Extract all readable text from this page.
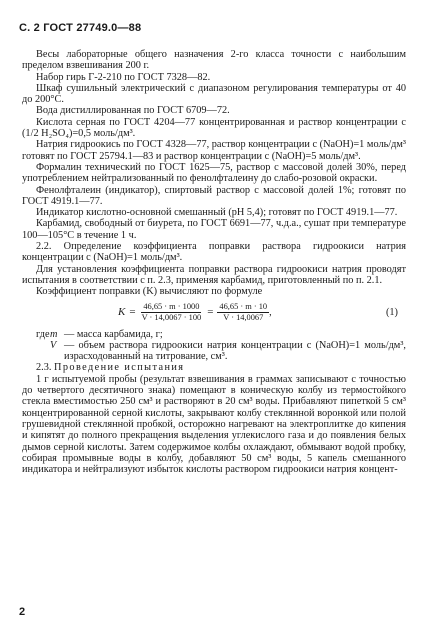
С. 2 ГОСТ 27749.0—88

Весы лабораторные общего назначения 2-го класса точности с наибольшим пределом взвешивания 200 г.

Набор гирь Г-2-210 по ГОСТ 7328—82.

Шкаф сушильный электрический с диапазоном регулирования температуры от 40 до 200°C.

Вода дистиллированная по ГОСТ 6709—72.

Кислота серная по ГОСТ 4204—77 концентрированная и раствор концентрации с (1/2 H₂SO₄)=0,5 моль/дм³.

Натрия гидроокись по ГОСТ 4328—77, раствор концентрации с (NaOH)=1 моль/дм³ готовят по ГОСТ 25794.1—83 и раствор концентрации с (NaOH)=5 моль/дм³.

Формалин технический по ГОСТ 1625—75, раствор с массовой долей 30%, перед употреблением нейтрализованный по фенолфталеину до слабо-розовой окраски.

Фенолфталеин (индикатор), спиртовый раствор с массовой долей 1%; готовят по ГОСТ 4919.1—77.

Индикатор кислотно-основной смешанный (рН 5,4); готовят по ГОСТ 4919.1—77.

Карбамид, свободный от биурета, по ГОСТ 6691—77, ч.д.а., сушат при температуре 100—105°C в течение 1 ч.

2.2. Определение коэффициента поправки раствора гидроокиси натрия концентрации с (NaOH)=1 моль/дм³.

Для установления коэффициента поправки раствора гидроокиси натрия проводят испытания в соответствии с п. 2.3, применяя карбамид, приготовленный по п. 2.1.

Коэффициент поправки (K) вычисляют по формуле

$K = \frac{46,65 \cdot m \cdot 1000}{V \cdot 14,0067 \cdot 100} = \frac{46,65 \cdot m \cdot 10}{V \cdot 14,0067}$ ,	(1)
где m — масса карбамида, г;
V — объем раствора гидроокиси натрия концентрации с (NaOH)=1 моль/дм³, израсходованный на титрование, см³.

2.3. Проведение испытания

1 г испытуемой пробы (результат взвешивания в граммах записывают с точностью до четвертого десятичного знака) помещают в коническую колбу из термостойкого стекла вместимостью 250 см³ и растворяют в 20 см³ воды. Прибавляют пипеткой 5 см³ концентрированной серной кислоты, закрывают колбу стеклянной воронкой или полой грушевидной стеклянной пробкой, осторожно нагревают на электроплитке до кипения и кипятят до полного прекращения выделения углекислого газа и до появления белых дымов серной кислоты. Затем содержимое колбы охлаждают, обмывают водой пробку, собирая промывные воды в колбу, добавляют 50 см³ воды, 5 капель смешанного индикатора и нейтрализуют избыток кислоты раствором гидроокиси натрия концент-

2
